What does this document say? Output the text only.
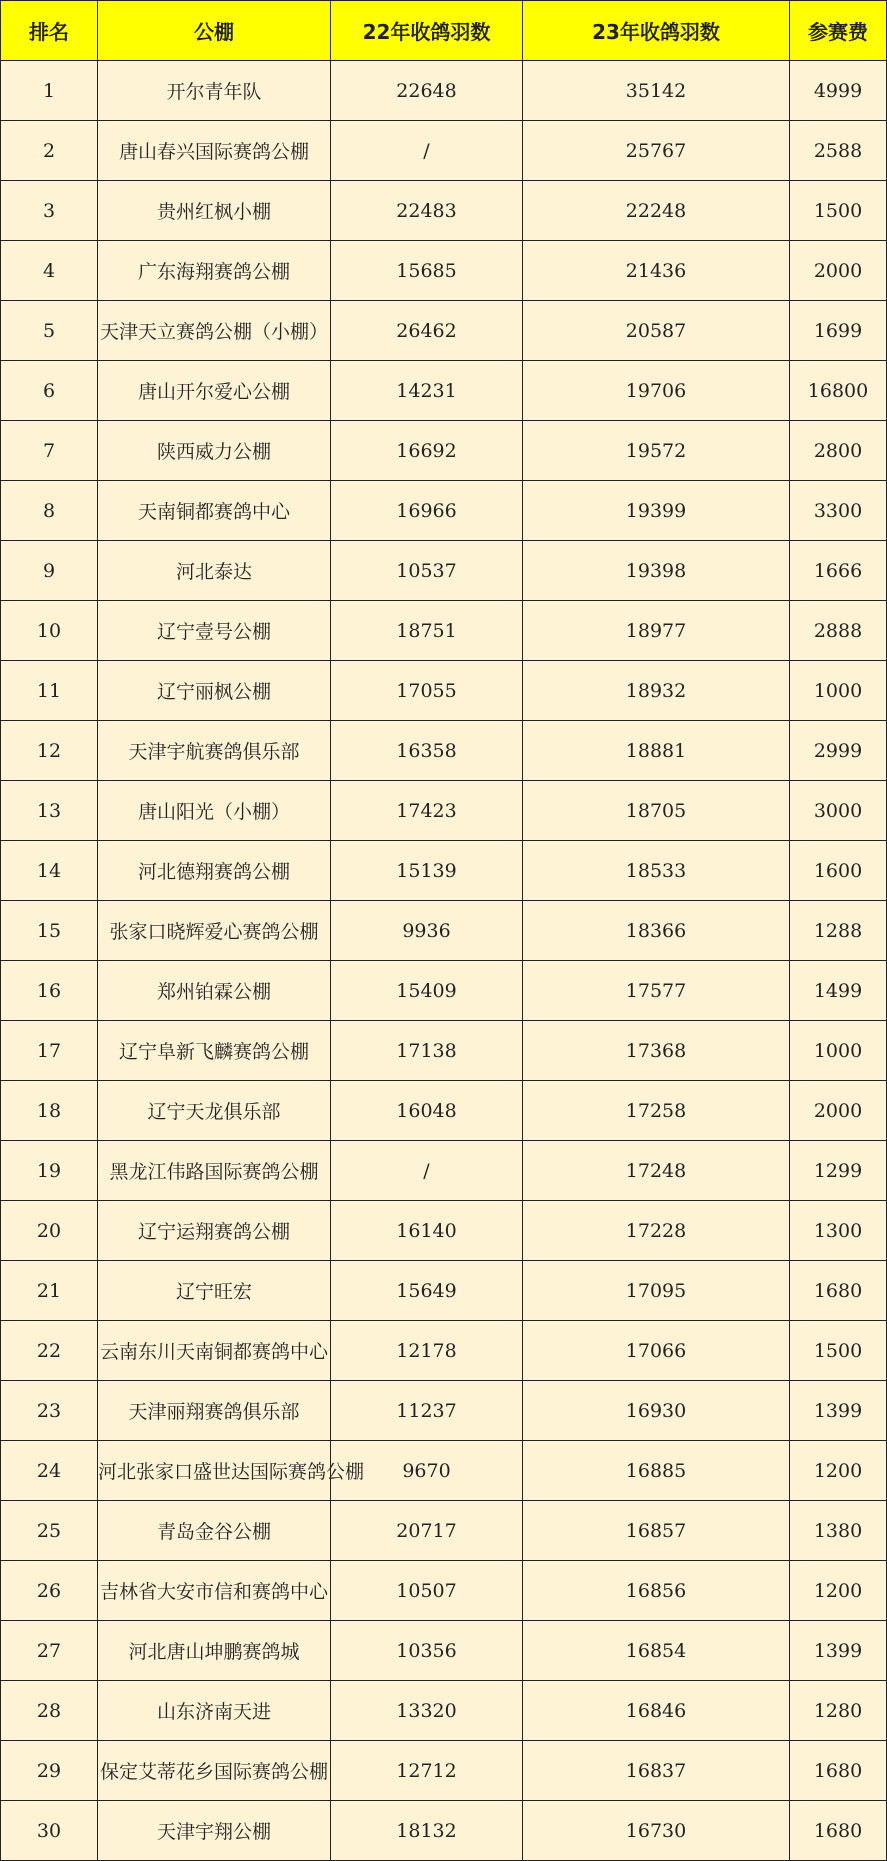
排名	公棚	22年收鸽羽数	23年收鸽羽数	参赛费
1	开尔青年队	22648	35142	4999
2	唐山春兴国际赛鸽公棚	/	25767	2588
3	贵州红枫小棚	22483	22248	1500
4	广东海翔赛鸽公棚	15685	21436	2000
5	天津天立赛鸽公棚（小棚）	26462	20587	1699
6	唐山开尔爱心公棚	14231	19706	16800
7	陕西威力公棚	16692	19572	2800
8	天南铜都赛鸽中心	16966	19399	3300
9	河北泰达	10537	19398	1666
10	辽宁壹号公棚	18751	18977	2888
11	辽宁丽枫公棚	17055	18932	1000
12	天津宇航赛鸽俱乐部	16358	18881	2999
13	唐山阳光（小棚）	17423	18705	3000
14	河北德翔赛鸽公棚	15139	18533	1600
15	张家口晓辉爱心赛鸽公棚	9936	18366	1288
16	郑州铂霖公棚	15409	17577	1499
17	辽宁阜新飞麟赛鸽公棚	17138	17368	1000
18	辽宁天龙俱乐部	16048	17258	2000
19	黑龙江伟路国际赛鸽公棚	/	17248	1299
20	辽宁运翔赛鸽公棚	16140	17228	1300
21	辽宁旺宏	15649	17095	1680
22	云南东川天南铜都赛鸽中心	12178	17066	1500
23	天津丽翔赛鸽俱乐部	11237	16930	1399
24	河北张家口盛世达国际赛鸽公棚	9670	16885	1200
25	青岛金谷公棚	20717	16857	1380
26	吉林省大安市信和赛鸽中心	10507	16856	1200
27	河北唐山坤鹏赛鸽城	10356	16854	1399
28	山东济南天进	13320	16846	1280
29	保定艾蒂花乡国际赛鸽公棚	12712	16837	1680
30	天津宇翔公棚	18132	16730	1680
